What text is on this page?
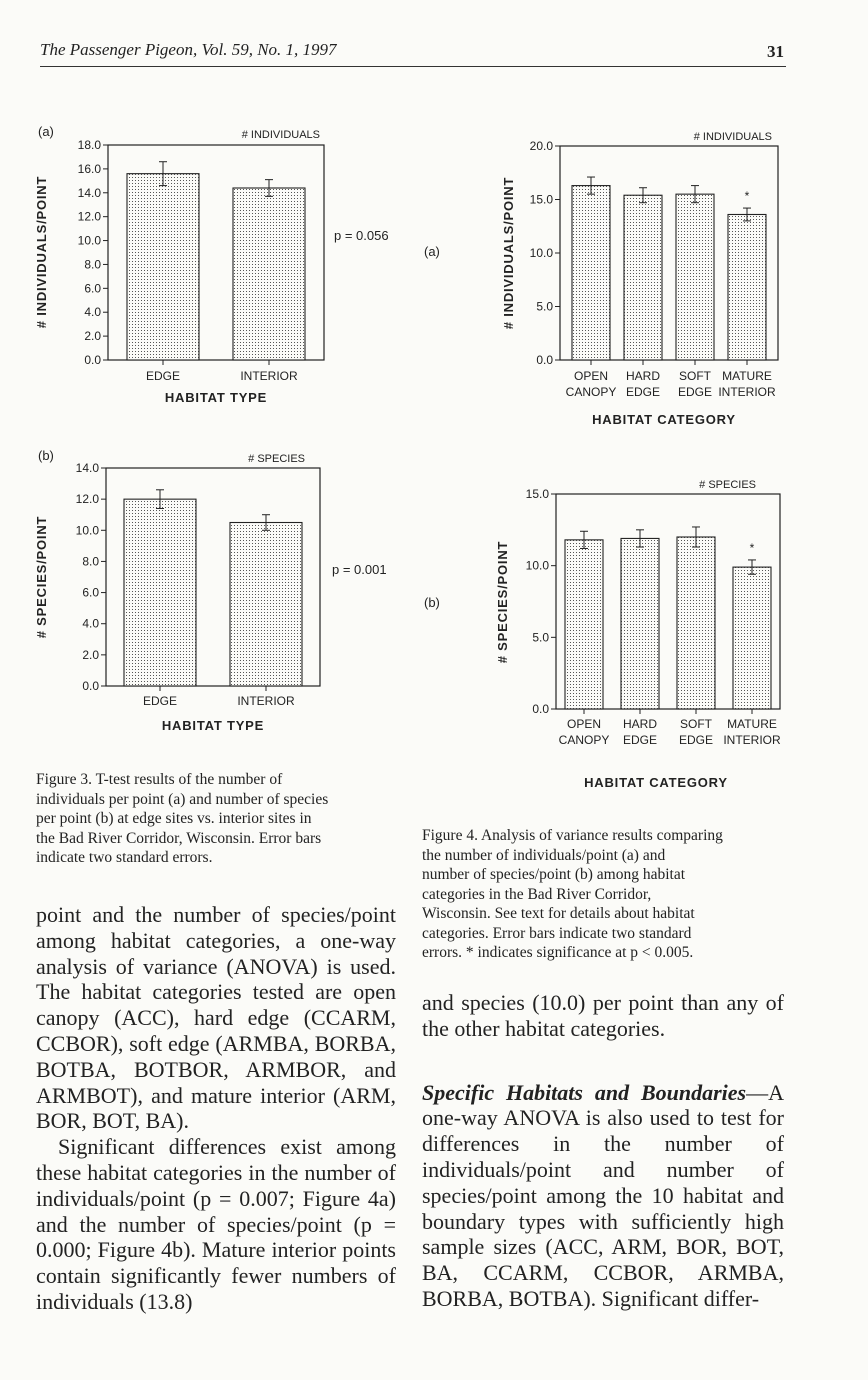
The Passenger Pigeon, Vol. 59, No. 1, 1997	31
(a)	# INDIVIDUALS
HABITAT TYPE
# INDIVIDUALS/POINT	p = 0.056
0.0
2.0
4.0
6.0
8.0
10.0
12.0
14.0
16.0
18.0
EDGE	INTERIOR
(b)	# SPECIES
HABITAT TYPE
# SPECIES/POINT	p = 0.001
0.0
2.0
4.0
6.0
8.0
10.0
12.0
14.0
EDGE	INTERIOR
(a)
# INDIVIDUALS
HABITAT CATEGORY
# INDIVIDUALS/POINT
0.0
5.0
10.0
15.0
20.0
OPEN
CANOPY
HARD
EDGE
SOFT
EDGE
*
MATURE
INTERIOR
(b)
# SPECIES
HABITAT CATEGORY
# SPECIES/POINT
0.0
5.0
10.0
15.0
OPEN
CANOPY
HARD
EDGE
SOFT
EDGE
*
MATURE
INTERIOR
Figure 3. T-test results of the number of
individuals per point (a) and number of species
per point (b) at edge sites vs. interior sites in
the Bad River Corridor, Wisconsin. Error bars
indicate two standard errors.
Figure 4. Analysis of variance results comparing
the number of individuals/point (a) and
number of species/point (b) among habitat
categories in the Bad River Corridor,
Wisconsin. See text for details about habitat
categories. Error bars indicate two standard
errors. * indicates significance at p < 0.005.

point and the number of species/point among habitat categories, a one-way analysis of variance (ANOVA) is used. The habitat categories tested are open canopy (ACC), hard edge (CCARM, CCBOR), soft edge (ARMBA, BORBA, BOTBA, BOTBOR, ARMBOR, and ARMBOT), and mature interior (ARM, BOR, BOT, BA).

Significant differences exist among these habitat categories in the number of individuals/point (p = 0.007; Figure 4a) and the number of species/point (p = 0.000; Figure 4b). Mature interior points contain significantly fewer numbers of individuals (13.8)

and species (10.0) per point than any of the other habitat categories.

Specific Habitats and Boundaries—A one-way ANOVA is also used to test for differences in the number of individuals/point and number of species/point among the 10 habitat and boundary types with sufficiently high sample sizes (ACC, ARM, BOR, BOT, BA, CCARM, CCBOR, ARMBA, BORBA, BOTBA). Significant differ-
